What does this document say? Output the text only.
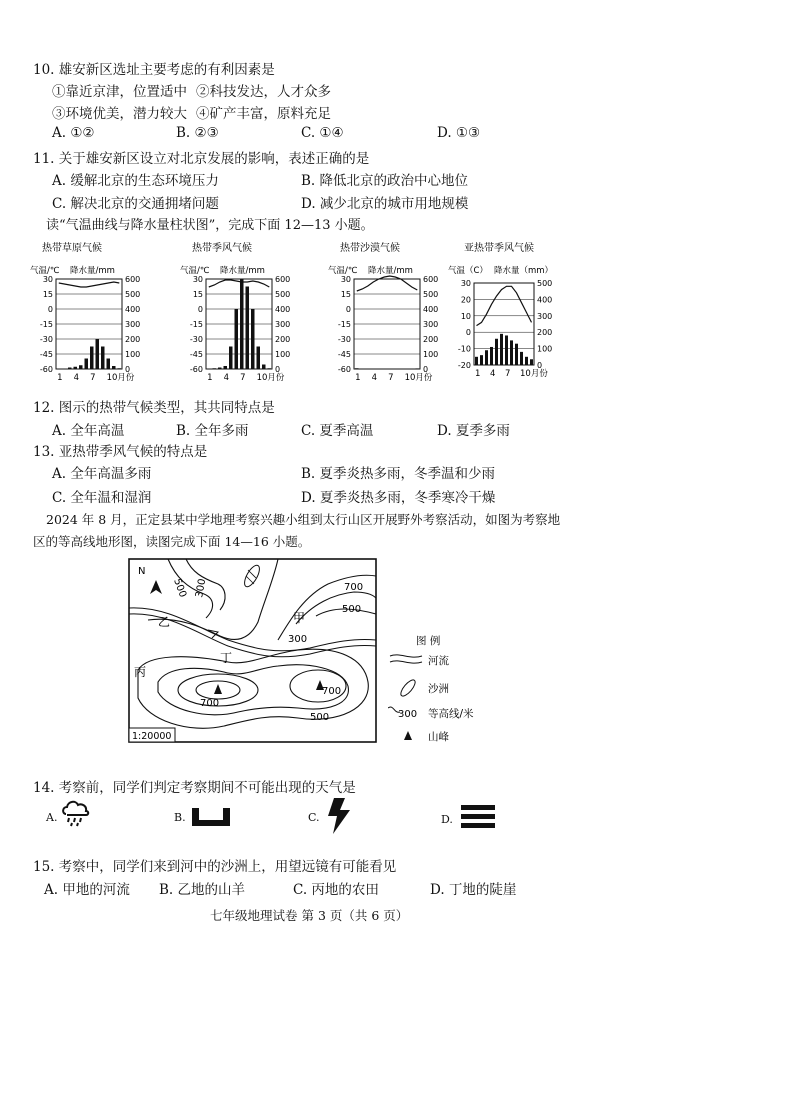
10. 雄安新区选址主要考虑的有利因素是
①靠近京津，位置适中 ②科技发达，人才众多
③环境优美，潜力较大 ④矿产丰富，原料充足
A. ①②	B. ②③	C. ①④	D. ①③
11. 关于雄安新区设立对北京发展的影响，表述正确的是
A. 缓解北京的生态环境压力	B. 降低北京的政治中心地位
C. 解决北京的交通拥堵问题	D. 减少北京的城市用地规模
读“气温曲线与降水量柱状图”，完成下面 12—13 小题。
热带草原气候
气温/℃ 降水量/mm
30
15
0
-15
-30
-45
-60
600
500
400
300
200
100
0
1 4 7 10月份
热带季风气候
气温/℃ 降水量/mm
30
15
0
-15
-30
-45
-60
600
500
400
300
200
100
0
1 4 7 10月份
热带沙漠气候
气温/℃ 降水量/mm
30
15
0
-15
-30
-45
-60
600
500
400
300
200
100
0
1 4 7 10月份
亚热带季风气候
气温（C） 降水量（mm）
30
20
10
0
-10
-20
500
400
300
200
100
0
1 4 7 10月份
12. 图示的热带气候类型，其共同特点是
A. 全年高温	B. 全年多雨	C. 夏季高温	D. 夏季多雨
13. 亚热带季风气候的特点是
A. 全年高温多雨	B. 夏季炎热多雨，冬季温和少雨
C. 全年温和湿润	D. 夏季炎热多雨，冬季寒冷干燥
2024 年 8 月，正定县某中学地理考察兴趣小组到太行山区开展野外考察活动，如图为考察地
区的等高线地形图，读图完成下面 14—16 小题。
N
500 300	700
500
300
700
700
500
甲
乙
丙
丁
1:20000
图 例
河流
沙洲
300 等高线/米
山峰
14. 考察前，同学们判定考察期间不可能出现的天气是
A.	B.	C.	D.
15. 考察中，同学们来到河中的沙洲上，用望远镜有可能看见
A. 甲地的河流 B. 乙地的山羊	C. 丙地的农田	D. 丁地的陡崖
七年级地理试卷 第 3 页（共 6 页）
